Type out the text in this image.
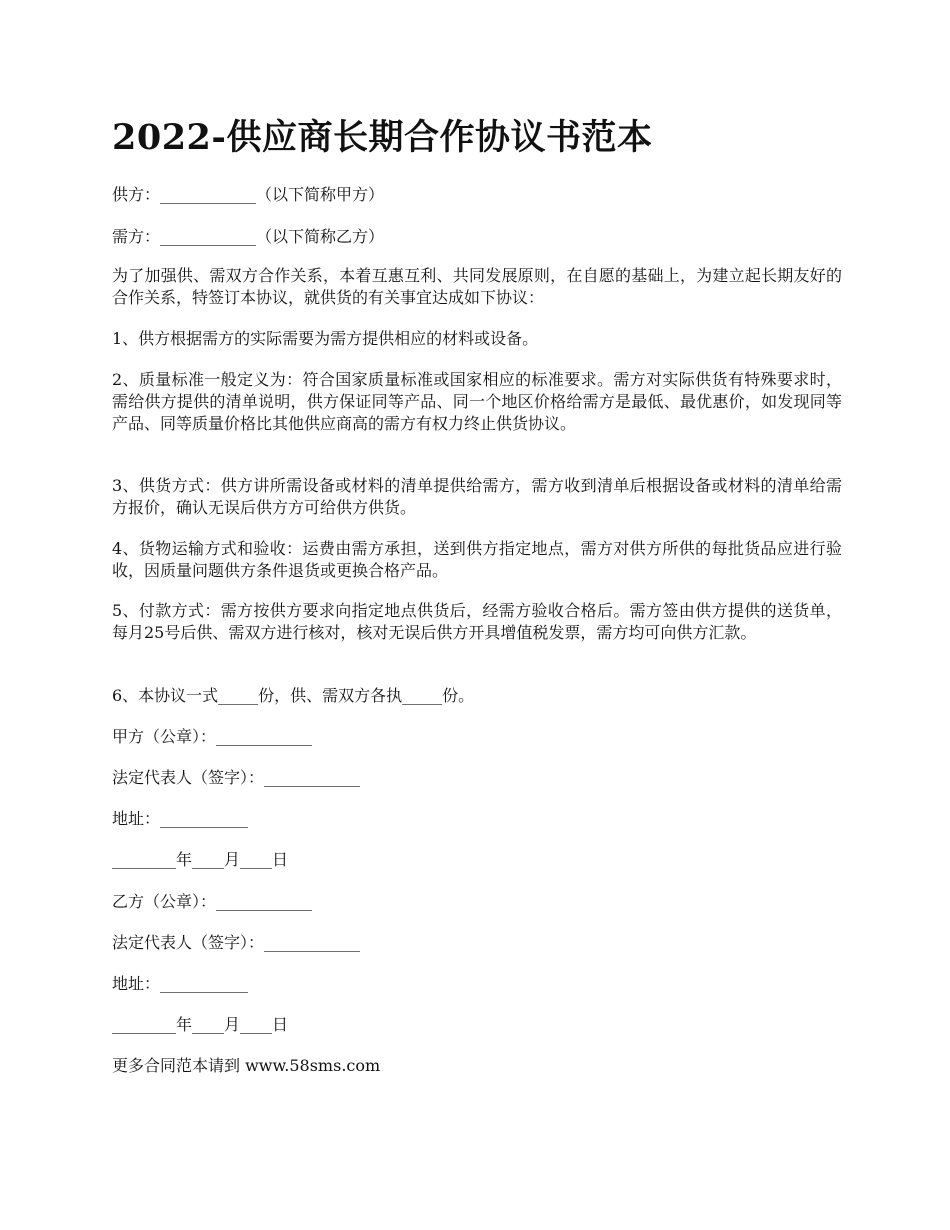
2022-供应商长期合作协议书范本

供方：____________（以下简称甲方）

需方：____________（以下简称乙方）

为了加强供、需双方合作关系，本着互惠互利、共同发展原则，在自愿的基础上，为建立起长期友好的合作关系，特签订本协议，就供货的有关事宜达成如下协议：

1、供方根据需方的实际需要为需方提供相应的材料或设备。

2、质量标准一般定义为：符合国家质量标准或国家相应的标准要求。需方对实际供货有特殊要求时，需给供方提供的清单说明，供方保证同等产品、同一个地区价格给需方是最低、最优惠价，如发现同等产品、同等质量价格比其他供应商高的需方有权力终止供货协议。

3、供货方式：供方讲所需设备或材料的清单提供给需方，需方收到清单后根据设备或材料的清单给需方报价，确认无误后供方方可给供方供货。

4、货物运输方式和验收：运费由需方承担，送到供方指定地点，需方对供方所供的每批货品应进行验收，因质量问题供方条件退货或更换合格产品。

5、付款方式：需方按供方要求向指定地点供货后，经需方验收合格后。需方签由供方提供的送货单，每月25号后供、需双方进行核对，核对无误后供方开具增值税发票，需方均可向供方汇款。

6、本协议一式_____份，供、需双方各执_____份。

甲方（公章）：____________

法定代表人（签字）：____________

地址：___________

________年____月____日

乙方（公章）：____________

法定代表人（签字）：____________

地址：___________

________年____月____日

更多合同范本请到 www.58sms.com
